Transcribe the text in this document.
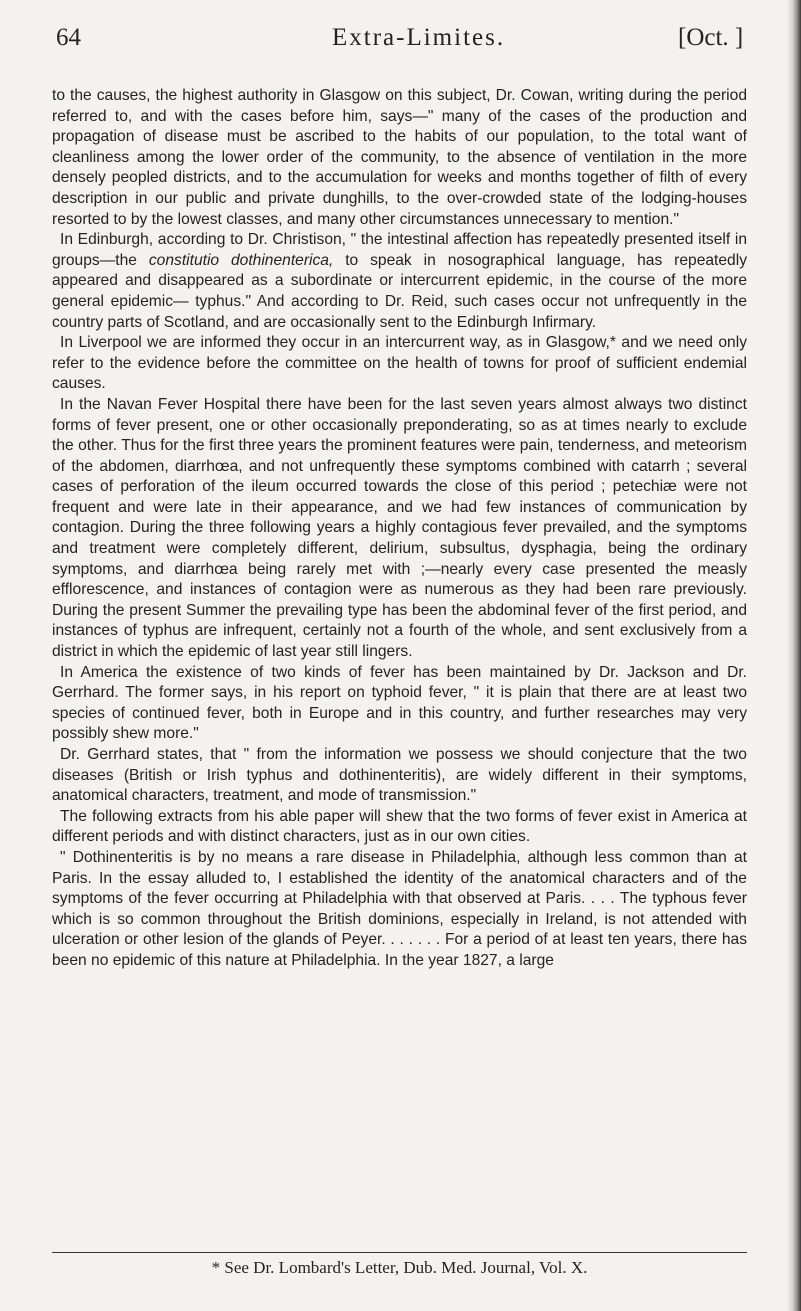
64	Extra-Limites.	[Oct. ]

to the causes, the highest authority in Glasgow on this subject, Dr. Cowan, writing during the period referred to, and with the cases before him, says—" many of the cases of the production and propagation of disease must be ascribed to the habits of our population, to the total want of cleanliness among the lower order of the community, to the absence of ventilation in the more densely peopled districts, and to the accumulation for weeks and months together of filth of every description in our public and private dunghills, to the over-crowded state of the lodging-houses resorted to by the lowest classes, and many other circumstances unnecessary to mention."

In Edinburgh, according to Dr. Christison, " the intestinal affection has repeatedly presented itself in groups—the constitutio dothinenterica, to speak in nosographical language, has repeatedly appeared and disappeared as a subordinate or intercurrent epidemic, in the course of the more general epidemic— typhus." And according to Dr. Reid, such cases occur not unfrequently in the country parts of Scotland, and are occasionally sent to the Edinburgh Infirmary.

In Liverpool we are informed they occur in an intercurrent way, as in Glasgow,* and we need only refer to the evidence before the committee on the health of towns for proof of sufficient endemial causes.

In the Navan Fever Hospital there have been for the last seven years almost always two distinct forms of fever present, one or other occasionally preponderating, so as at times nearly to exclude the other. Thus for the first three years the prominent features were pain, tenderness, and meteorism of the abdomen, diarrhœa, and not unfrequently these symptoms combined with catarrh ; several cases of perforation of the ileum occurred towards the close of this period ; petechiæ were not frequent and were late in their appearance, and we had few instances of communication by contagion. During the three following years a highly contagious fever prevailed, and the symptoms and treatment were completely different, delirium, subsultus, dysphagia, being the ordinary symptoms, and diarrhœa being rarely met with ;—nearly every case presented the measly efflorescence, and instances of contagion were as numerous as they had been rare previously. During the present Summer the prevailing type has been the abdominal fever of the first period, and instances of typhus are infrequent, certainly not a fourth of the whole, and sent exclusively from a district in which the epidemic of last year still lingers.

In America the existence of two kinds of fever has been maintained by Dr. Jackson and Dr. Gerrhard. The former says, in his report on typhoid fever, " it is plain that there are at least two species of continued fever, both in Europe and in this country, and further researches may very possibly shew more."

Dr. Gerrhard states, that " from the information we possess we should conjecture that the two diseases (British or Irish typhus and dothinenteritis), are widely different in their symptoms, anatomical characters, treatment, and mode of transmission."

The following extracts from his able paper will shew that the two forms of fever exist in America at different periods and with distinct characters, just as in our own cities.

" Dothinenteritis is by no means a rare disease in Philadelphia, although less common than at Paris. In the essay alluded to, I established the identity of the anatomical characters and of the symptoms of the fever occurring at Philadelphia with that observed at Paris. . . . The typhous fever which is so common throughout the British dominions, especially in Ireland, is not attended with ulceration or other lesion of the glands of Peyer. . . . . . . For a period of at least ten years, there has been no epidemic of this nature at Philadelphia. In the year 1827, a large

* See Dr. Lombard's Letter, Dub. Med. Journal, Vol. X.
